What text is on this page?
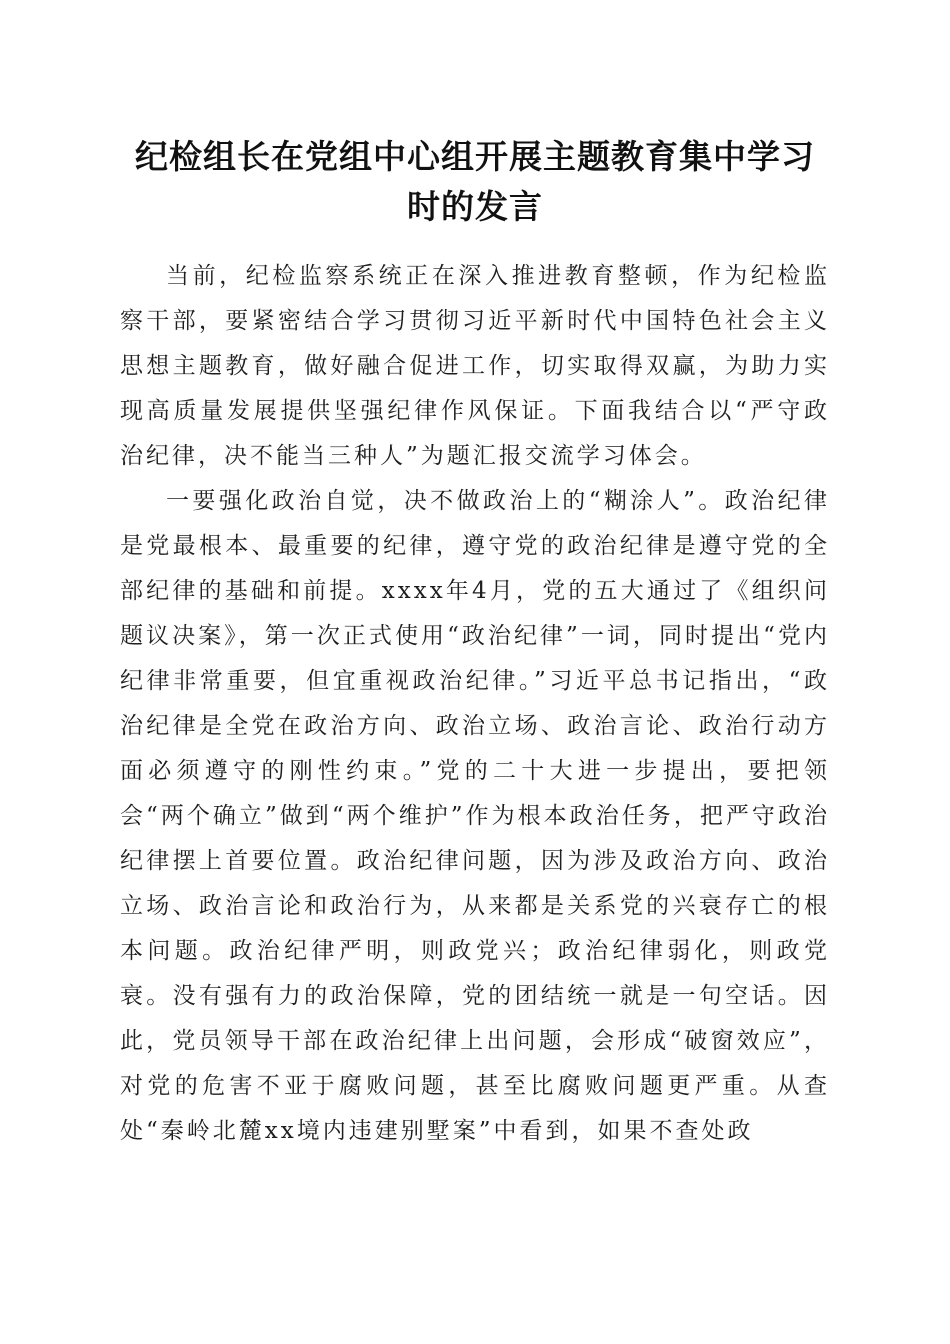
纪检组长在党组中心组开展主题教育集中学习
时的发言

当前，纪检监察系统正在深入推进教育整顿，作为纪检监察干部，要紧密结合学习贯彻习近平新时代中国特色社会主义思想主题教育，做好融合促进工作，切实取得双赢，为助力实现高质量发展提供坚强纪律作风保证。下面我结合以“严守政治纪律，决不能当三种人”为题汇报交流学习体会。

一要强化政治自觉，决不做政治上的“糊涂人”。政治纪律是党最根本、最重要的纪律，遵守党的政治纪律是遵守党的全部纪律的基础和前提。xxxx年4月，党的五大通过了《组织问题议决案》，第一次正式使用“政治纪律”一词，同时提出“党内纪律非常重要，但宜重视政治纪律。”习近平总书记指出，“政治纪律是全党在政治方向、政治立场、政治言论、政治行动方面必须遵守的刚性约束。”党的二十大进一步提出，要把领会“两个确立”做到“两个维护”作为根本政治任务，把严守政治纪律摆上首要位置。政治纪律问题，因为涉及政治方向、政治立场、政治言论和政治行为，从来都是关系党的兴衰存亡的根本问题。政治纪律严明，则政党兴；政治纪律弱化，则政党衰。没有强有力的政治保障，党的团结统一就是一句空话。因此，党员领导干部在政治纪律上出问题，会形成“破窗效应”，对党的危害不亚于腐败问题，甚至比腐败问题更严重。从查处“秦岭北麓xx境内违建别墅案”中看到，如果不查处政
